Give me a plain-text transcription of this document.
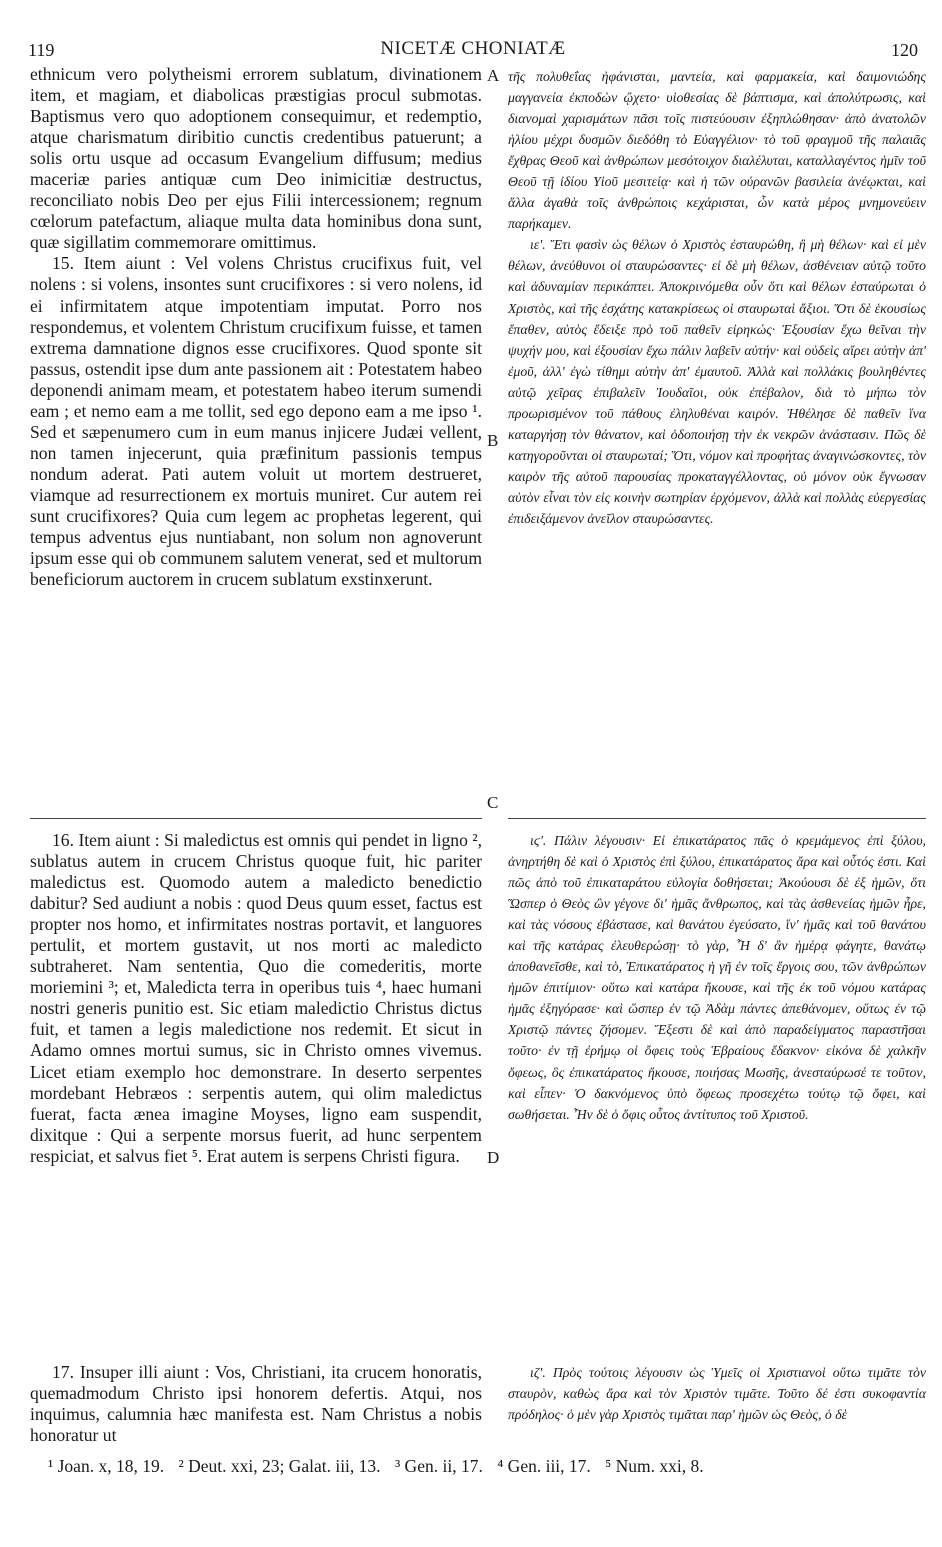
119	NICETÆ CHONIATÆ	120

ethnicum vero polytheismi errorem sublatum, divinationem item, et magiam, et diabolicas præstigias procul submotas. Baptismus vero quo adoptionem consequimur, et redemptio, atque charismatum diribitio cunctis credentibus patuerunt; a solis ortu usque ad occasum Evangelium diffusum; medius maceriæ paries antiquæ cum Deo inimicitiæ destructus, reconciliato nobis Deo per ejus Filii intercessionem; regnum cœlorum patefactum, aliaque multa data hominibus dona sunt, quæ sigillatim commemorare omittimus.

15. Item aiunt : Vel volens Christus crucifixus fuit, vel nolens : si volens, insontes sunt crucifixores : si vero nolens, id ei infirmitatem atque impotentiam imputat. Porro nos respondemus, et volentem Christum crucifixum fuisse, et tamen extrema damnatione dignos esse crucifixores. Quod sponte sit passus, ostendit ipse dum ante passionem ait : Potestatem habeo deponendi animam meam, et potestatem habeo iterum sumendi eam ; et nemo eam a me tollit, sed ego depono eam a me ipso ¹. Sed et sæpenumero cum in eum manus injicere Judæi vellent, non tamen injecerunt, quia præfinitum passionis tempus nondum aderat. Pati autem voluit ut mortem destrueret, viamque ad resurrectionem ex mortuis muniret. Cur autem rei sunt crucifixores? Quia cum legem ac prophetas legerent, qui tempus adventus ejus nuntiabant, non solum non agnoverunt ipsum esse qui ob communem salutem venerat, sed et multorum beneficiorum auctorem in crucem sublatum exstinxerunt.

τῆς πολυθεΐας ἠφάνισται, μαντεία, καὶ φαρμακεία, καὶ δαιμονιώδης μαγγανεία ἐκποδὼν ᾤχετο· υἱοθεσίας δὲ βάπτισμα, καὶ ἀπολύτρωσις, καὶ διανομαὶ χαρισμάτων πᾶσι τοῖς πιστεύουσιν ἐξηπλώθησαν· ἀπὸ ἀνατολῶν ἡλίου μέχρι δυσμῶν διεδόθη τὸ Εὐαγγέλιον· τὸ τοῦ φραγμοῦ τῆς παλαιᾶς ἔχθρας Θεοῦ καὶ ἀνθρώπων μεσότοιχον διαλέλυται, καταλλαγέντος ἡμῖν τοῦ Θεοῦ τῇ ἰδίου Υἱοῦ μεσιτείᾳ· καὶ ἡ τῶν οὐρανῶν βασιλεία ἀνέῳκται, καὶ ἄλλα ἀγαθὰ τοῖς ἀνθρώποις κεχάρισται, ὧν κατὰ μέρος μνημονεύειν παρήκαμεν.

ιε'. Ἔτι φασὶν ὡς θέλων ὁ Χριστὸς ἐσταυρώθη, ἢ μὴ θέλων· καὶ εἰ μὲν θέλων, ἀνεύθυνοι οἱ σταυρώσαντες· εἰ δὲ μὴ θέλων, ἀσθένειαν αὐτῷ τοῦτο καὶ ἀδυναμίαν περικάπτει. Ἀποκρινόμεθα οὖν ὅτι καὶ θέλων ἐσταύρωται ὁ Χριστὸς, καὶ τῆς ἐσχάτης κατακρίσεως οἱ σταυρωταὶ ἄξιοι. Ὅτι δὲ ἑκουσίως ἔπαθεν, αὐτὸς ἔδειξε πρὸ τοῦ παθεῖν εἰρηκώς· Ἐξουσίαν ἔχω θεῖναι τὴν ψυχήν μου, καὶ ἐξουσίαν ἔχω πάλιν λαβεῖν αὐτήν· καὶ οὐδεὶς αἴρει αὐτὴν ἀπ' ἐμοῦ, ἀλλ' ἐγὼ τίθημι αὐτὴν ἀπ' ἐμαυτοῦ. Ἀλλὰ καὶ πολλάκις βουληθέντες αὐτῷ χεῖρας ἐπιβαλεῖν Ἰουδαῖοι, οὐκ ἐπέβαλον, διὰ τὸ μήπω τὸν προωρισμένον τοῦ πάθους ἐληλυθέναι καιρόν. Ἠθέλησε δὲ παθεῖν ἵνα καταργήσῃ τὸν θάνατον, καὶ ὁδοποιήσῃ τὴν ἐκ νεκρῶν ἀνάστασιν. Πῶς δὲ κατηγοροῦνται οἱ σταυρωταί; Ὅτι, νόμον καὶ προφήτας ἀναγινώσκοντες, τὸν καιρὸν τῆς αὐτοῦ παρουσίας προκαταγγέλλοντας, οὐ μόνον οὐκ ἔγνωσαν αὐτὸν εἶναι τὸν εἰς κοινὴν σωτηρίαν ἐρχόμενον, ἀλλὰ καὶ πολλὰς εὐεργεσίας ἐπιδειξάμενον ἀνεῖλον σταυρώσαντες.

A
B
C
D

16. Item aiunt : Si maledictus est omnis qui pendet in ligno ², sublatus autem in crucem Christus quoque fuit, hic pariter maledictus est. Quomodo autem a maledicto benedictio dabitur? Sed audiunt a nobis : quod Deus quum esset, factus est propter nos homo, et infirmitates nostras portavit, et languores pertulit, et mortem gustavit, ut nos morti ac maledicto subtraheret. Nam sententia, Quo die comederitis, morte moriemini ³; et, Maledicta terra in operibus tuis ⁴, haec humani nostri generis punitio est. Sic etiam maledictio Christus dictus fuit, et tamen a legis maledictione nos redemit. Et sicut in Adamo omnes mortui sumus, sic in Christo omnes vivemus. Licet etiam exemplo hoc demonstrare. In deserto serpentes mordebant Hebræos : serpentis autem, qui olim maledictus fuerat, facta ænea imagine Moyses, ligno eam suspendit, dixitque : Qui a serpente morsus fuerit, ad hunc serpentem respiciat, et salvus fiet ⁵. Erat autem is serpens Christi figura.

ιϛ'. Πάλιν λέγουσιν· Εἰ ἐπικατάρατος πᾶς ὁ κρεμάμενος ἐπὶ ξύλου, ἀνηρτήθη δὲ καὶ ὁ Χριστὸς ἐπὶ ξύλου, ἐπικατάρατος ἄρα καὶ οὗτός ἐστι. Καὶ πῶς ἀπὸ τοῦ ἐπικαταράτου εὐλογία δοθήσεται; Ἀκούουσι δὲ ἐξ ἡμῶν, ὅτι Ὥσπερ ὁ Θεὸς ὢν γέγονε δι' ἡμᾶς ἄνθρωπος, καὶ τὰς ἀσθενείας ἡμῶν ἦρε, καὶ τὰς νόσους ἐβάστασε, καὶ θανάτου ἐγεύσατο, ἵν' ἡμᾶς καὶ τοῦ θανάτου καὶ τῆς κατάρας ἐλευθερώσῃ· τὸ γὰρ, Ἧ δ' ἂν ἡμέρᾳ φάγητε, θανάτῳ ἀποθανεῖσθε, καὶ τὸ, Ἐπικατάρατος ἡ γῆ ἐν τοῖς ἔργοις σου, τῶν ἀνθρώπων ἡμῶν ἐπιτίμιον· οὕτω καὶ κατάρα ἤκουσε, καὶ τῆς ἐκ τοῦ νόμου κατάρας ἡμᾶς ἐξηγόρασε· καὶ ὥσπερ ἐν τῷ Ἀδὰμ πάντες ἀπεθάνομεν, οὕτως ἐν τῷ Χριστῷ πάντες ζήσομεν. Ἔξεστι δὲ καὶ ἀπὸ παραδείγματος παραστῆσαι τοῦτο· ἐν τῇ ἐρήμῳ οἱ ὄφεις τοὺς Ἑβραίους ἔδακνον· εἰκόνα δὲ χαλκῆν ὄφεως, ὃς ἐπικατάρατος ἤκουσε, ποιήσας Μωσῆς, ἀνεσταύρωσέ τε τοῦτον, καὶ εἶπεν· Ὁ δακνόμενος ὑπὸ ὄφεως προσεχέτω τούτῳ τῷ ὄφει, καὶ σωθήσεται. Ἦν δὲ ὁ ὄφις οὗτος ἀντίτυπος τοῦ Χριστοῦ.

17. Insuper illi aiunt : Vos, Christiani, ita crucem honoratis, quemadmodum Christo ipsi honorem defertis. Atqui, nos inquimus, calumnia hæc manifesta est. Nam Christus a nobis honoratur ut

ιζ'. Πρὸς τούτοις λέγουσιν ὡς Ὑμεῖς οἱ Χριστιανοὶ οὕτω τιμᾶτε τὸν σταυρὸν, καθὼς ἄρα καὶ τὸν Χριστὸν τιμᾶτε. Τοῦτο δέ ἐστι συκοφαντία πρόδηλος· ὁ μὲν γὰρ Χριστὸς τιμᾶται παρ' ἡμῶν ὡς Θεὸς, ὁ δὲ

¹ Joan. x, 18, 19. ² Deut. xxi, 23; Galat. iii, 13. ³ Gen. ii, 17. ⁴ Gen. iii, 17. ⁵ Num. xxi, 8.
